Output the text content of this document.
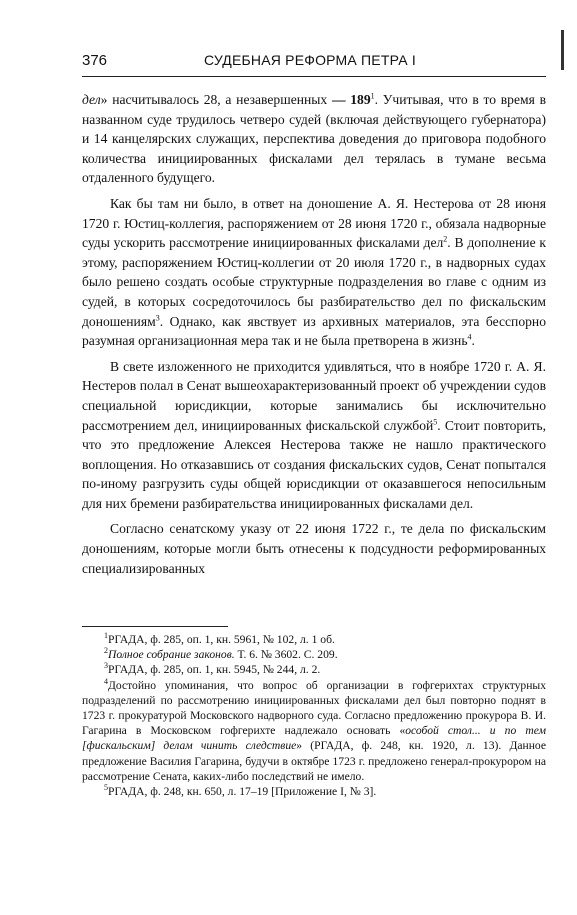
376	СУДЕБНАЯ РЕФОРМА ПЕТРА I

дел» насчитывалось 28, а незавершенных — $189^1$. Учитывая, что в то время в названном суде трудилось четверо судей (включая действующего губернатора) и 14 канцелярских служащих, перспектива доведения до приговора подобного количества инициированных фискалами дел терялась в тумане весьма отдаленного будущего.

Как бы там ни было, в ответ на доношение А. Я. Нестерова от 28 июня 1720 г. Юстиц-коллегия, распоряжением от 28 июня 1720 г., обязала надворные суды ускорить рассмотрение инициированных фискалами дел$^2$. В дополнение к этому, распоряжением Юстиц-коллегии от 20 июля 1720 г., в надворных судах было решено создать особые структурные подразделения во главе с одним из судей, в которых сосредоточилось бы разбирательство дел по фискальским доношениям$^3$. Однако, как явствует из архивных материалов, эта бесспорно разумная организационная мера так и не была претворена в жизнь$^4$.

В свете изложенного не приходится удивляться, что в ноябре 1720 г. А. Я. Нестеров полал в Сенат вышеохарактеризованный проект об учреждении судов специальной юрисдикции, которые занимались бы исключительно рассмотрением дел, инициированных фискальской службой$^5$. Стоит повторить, что это предложение Алексея Нестерова также не нашло практического воплощения. Но отказавшись от создания фискальских судов, Сенат попытался по-иному разгрузить суды общей юрисдикции от оказавшегося непосильным для них бремени разбирательства инициированных фискалами дел.

Согласно сенатскому указу от 22 июня 1722 г., те дела по фискальским доношениям, которые могли быть отнесены к подсудности реформированных специализированных

$^1$РГАДА, ф. 285, оп. 1, кн. 5961, № 102, л. 1 об.

$^2$Полное собрание законов. Т. 6. № 3602. С. 209.

$^3$РГАДА, ф. 285, оп. 1, кн. 5945, № 244, л. 2.

$^4$Достойно упоминания, что вопрос об организации в гофгерихтах структурных подразделений по рассмотрению инициированных фискалами дел был повторно поднят в 1723 г. прокуратурой Московского надворного суда. Согласно предложению прокурора В. И. Гагарина в Московском гофгерихте надлежало основать «особой стол... и по тем [фискальским] делам чинить следствие» (РГАДА, ф. 248, кн. 1920, л. 13). Данное предложение Василия Гагарина, будучи в октябре 1723 г. предложено генерал-прокурором на рассмотрение Сената, каких-либо последствий не имело.

$^5$РГАДА, ф. 248, кн. 650, л. 17–19 [Приложение I, № 3].
